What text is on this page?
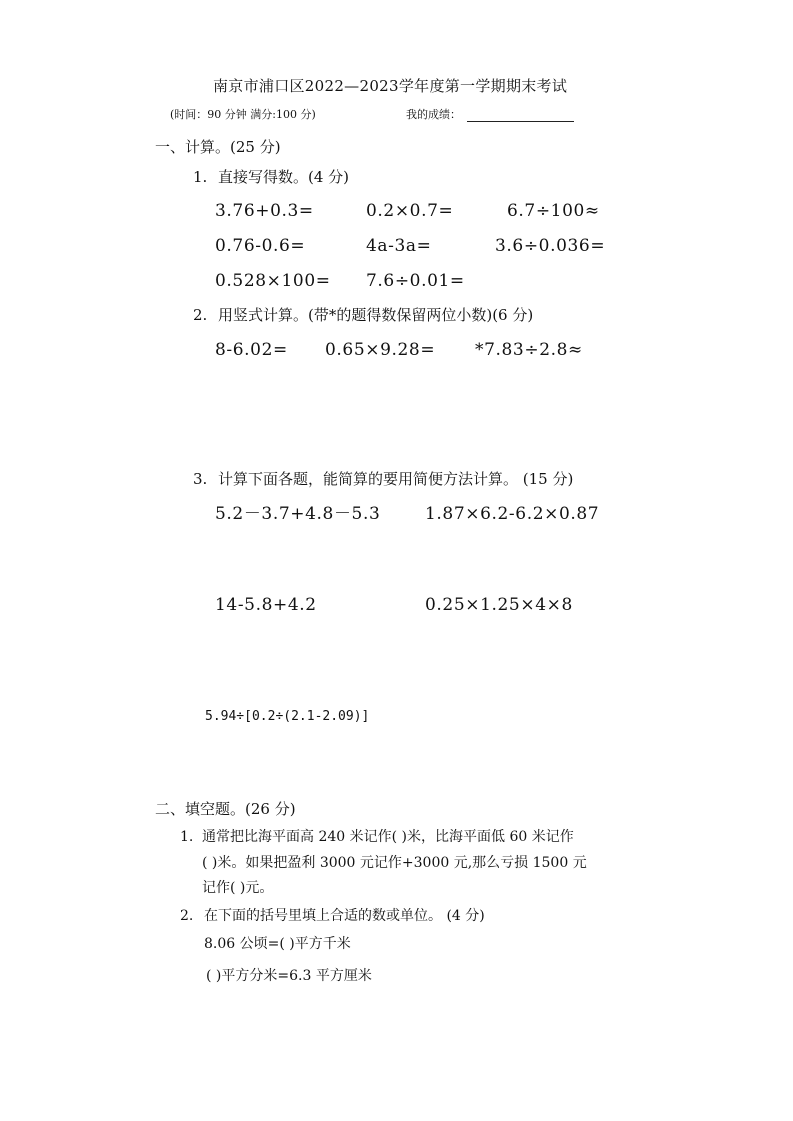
南京市浦口区2022—2023学年度第一学期期末考试
(时间：90 分钟 满分:100 分)	我的成绩：
一、计算。(25 分)
1. 直接写得数。(4 分)
3.76+0.3=	0.2×0.7=	6.7÷100≈
0.76-0.6=	4a-3a=	3.6÷0.036=
0.528×100= 7.6÷0.01=
2. 用竖式计算。(带*的题得数保留两位小数)(6 分)
8-6.02= 0.65×9.28= *7.83÷2.8≈
3. 计算下面各题，能简算的要用简便方法计算。 (15 分)
5.2－3.7+4.8－5.3	1.87×6.2-6.2×0.87
14-5.8+4.2	0.25×1.25×4×8
5.94÷[0.2÷(2.1-2.09)]
二、填空题。(26 分)
1. 通常把比海平面高 240 米记作( )米，比海平面低 60 米记作
( )米。如果把盈利 3000 元记作+3000 元,那么亏损 1500 元
记作( )元。
2. 在下面的括号里填上合适的数或单位。 (4 分)
8.06 公顷=( )平方千米
( )平方分米=6.3 平方厘米
